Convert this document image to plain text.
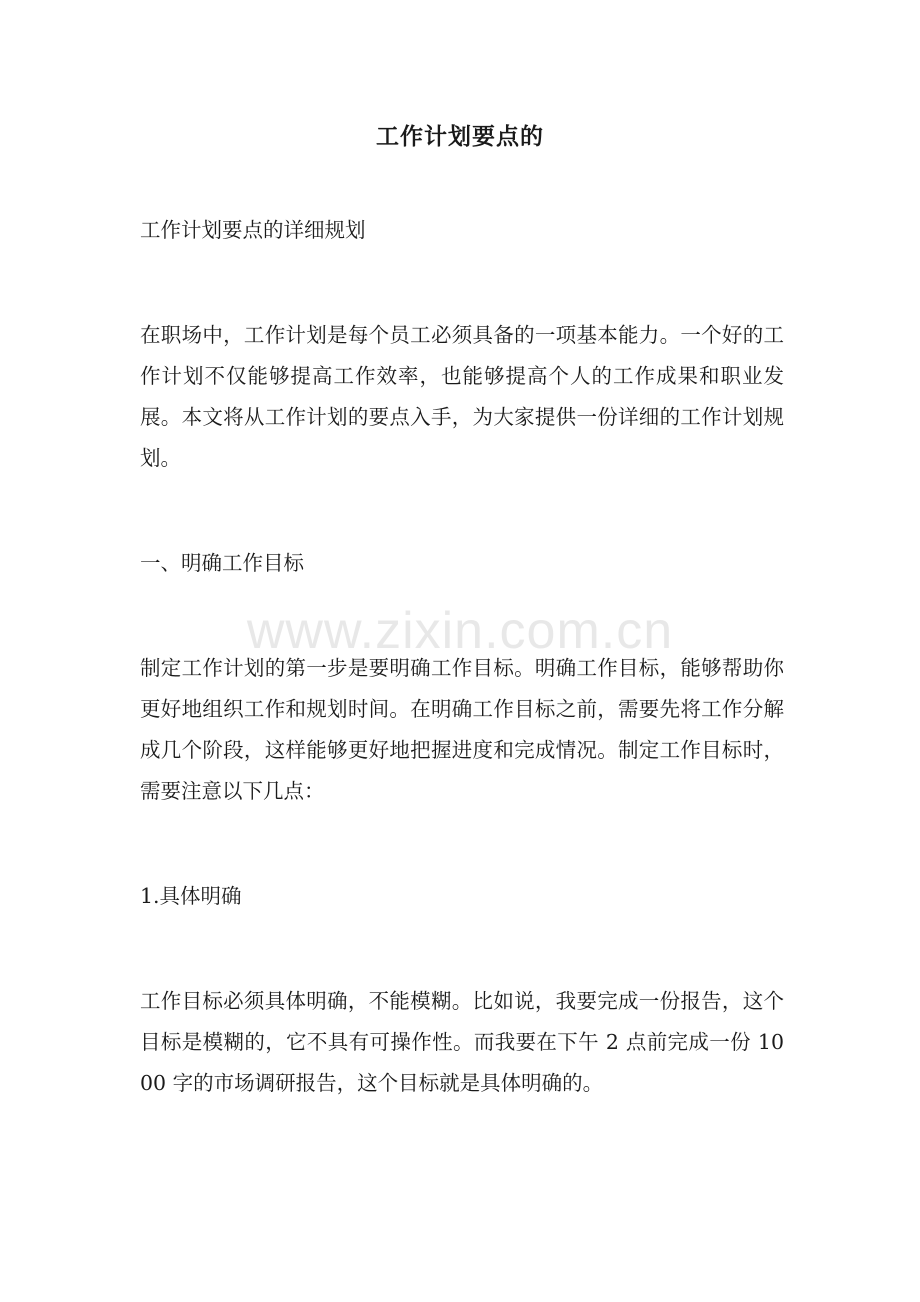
工作计划要点的

工作计划要点的详细规划

在职场中，工作计划是每个员工必须具备的一项基本能力。一个好的工作计划不仅能够提高工作效率，也能够提高个人的工作成果和职业发展。本文将从工作计划的要点入手，为大家提供一份详细的工作计划规划。

一、明确工作目标

制定工作计划的第一步是要明确工作目标。明确工作目标，能够帮助你更好地组织工作和规划时间。在明确工作目标之前，需要先将工作分解成几个阶段，这样能够更好地把握进度和完成情况。制定工作目标时，需要注意以下几点：

1.具体明确

工作目标必须具体明确，不能模糊。比如说，我要完成一份报告，这个目标是模糊的，它不具有可操作性。而我要在下午 2 点前完成一份 1000 字的市场调研报告，这个目标就是具体明确的。

www.zixin.com.cn
